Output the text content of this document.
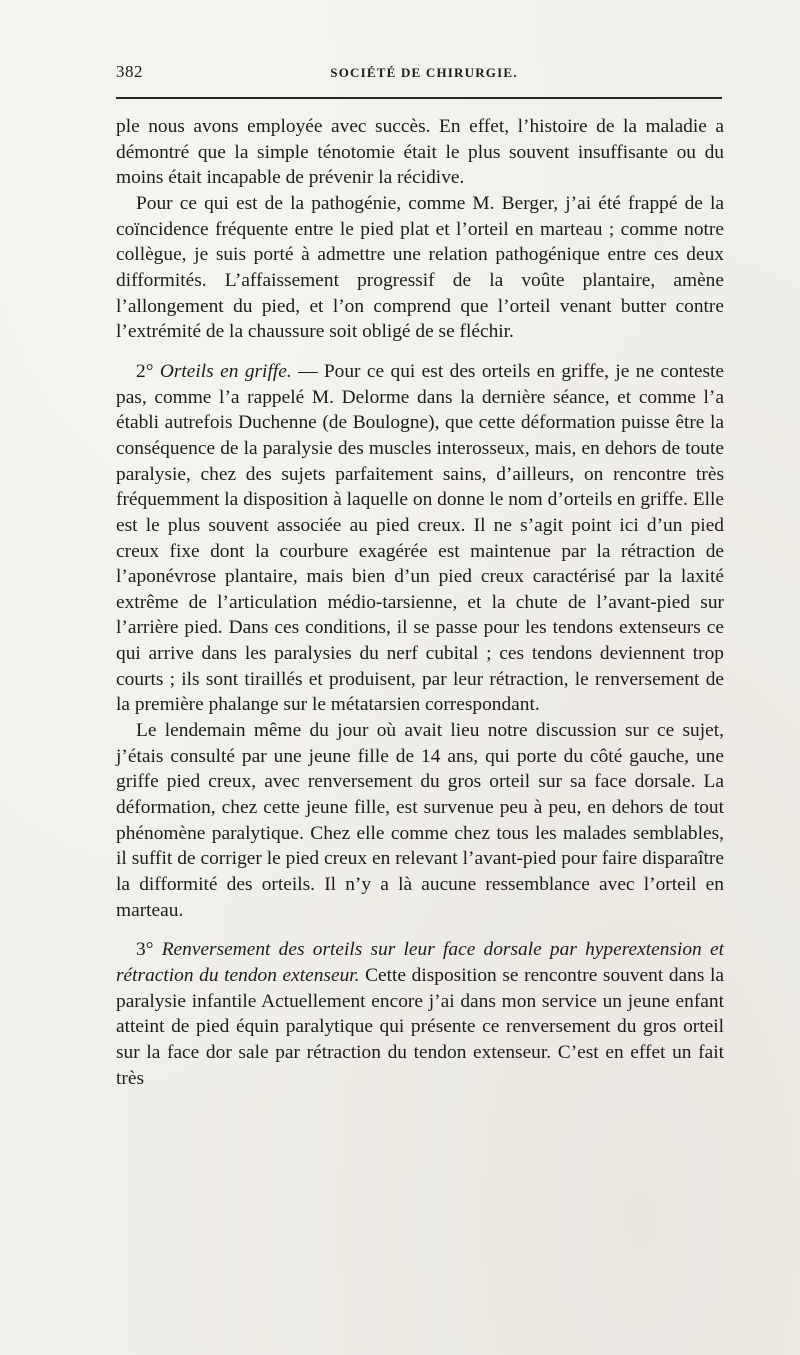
382	SOCIÉTÉ DE CHIRURGIE.

ple nous avons employée avec succès. En effet, l’histoire de la maladie a démontré que la simple ténotomie était le plus souvent insuffisante ou du moins était incapable de prévenir la récidive.

Pour ce qui est de la pathogénie, comme M. Berger, j’ai été frappé de la coïncidence fréquente entre le pied plat et l’orteil en marteau ; comme notre collègue, je suis porté à admettre une relation pathogénique entre ces deux difformités. L’affaissement progressif de la voûte plantaire, amène l’allongement du pied, et l’on comprend que l’orteil venant butter contre l’extrémité de la chaussure soit obligé de se fléchir.

2° Orteils en griffe. — Pour ce qui est des orteils en griffe, je ne conteste pas, comme l’a rappelé M. Delorme dans la dernière séance, et comme l’a établi autrefois Duchenne (de Boulogne), que cette déformation puisse être la conséquence de la paralysie des muscles interosseux, mais, en dehors de toute paralysie, chez des sujets parfaitement sains, d’ailleurs, on rencontre très fréquemment la disposition à laquelle on donne le nom d’orteils en griffe. Elle est le plus souvent associée au pied creux. Il ne s’agit point ici d’un pied creux fixe dont la courbure exagérée est maintenue par la rétraction de l’aponévrose plantaire, mais bien d’un pied creux caractérisé par la laxité extrême de l’articulation médio-tarsienne, et la chute de l’avant-pied sur l’arrière pied. Dans ces conditions, il se passe pour les tendons extenseurs ce qui arrive dans les paralysies du nerf cubital ; ces tendons deviennent trop courts ; ils sont tiraillés et produisent, par leur rétraction, le renversement de la première phalange sur le métatarsien correspondant.

Le lendemain même du jour où avait lieu notre discussion sur ce sujet, j’étais consulté par une jeune fille de 14 ans, qui porte du côté gauche, une griffe pied creux, avec renversement du gros orteil sur sa face dorsale. La déformation, chez cette jeune fille, est survenue peu à peu, en dehors de tout phénomène paralytique. Chez elle comme chez tous les malades semblables, il suffit de corriger le pied creux en relevant l’avant-pied pour faire disparaître la difformité des orteils. Il n’y a là aucune ressemblance avec l’orteil en marteau.

3° Renversement des orteils sur leur face dorsale par hyperextension et rétraction du tendon extenseur. Cette disposition se rencontre souvent dans la paralysie infantile Actuellement encore j’ai dans mon service un jeune enfant atteint de pied équin paralytique qui présente ce renversement du gros orteil sur la face dor sale par rétraction du tendon extenseur. C’est en effet un fait très
